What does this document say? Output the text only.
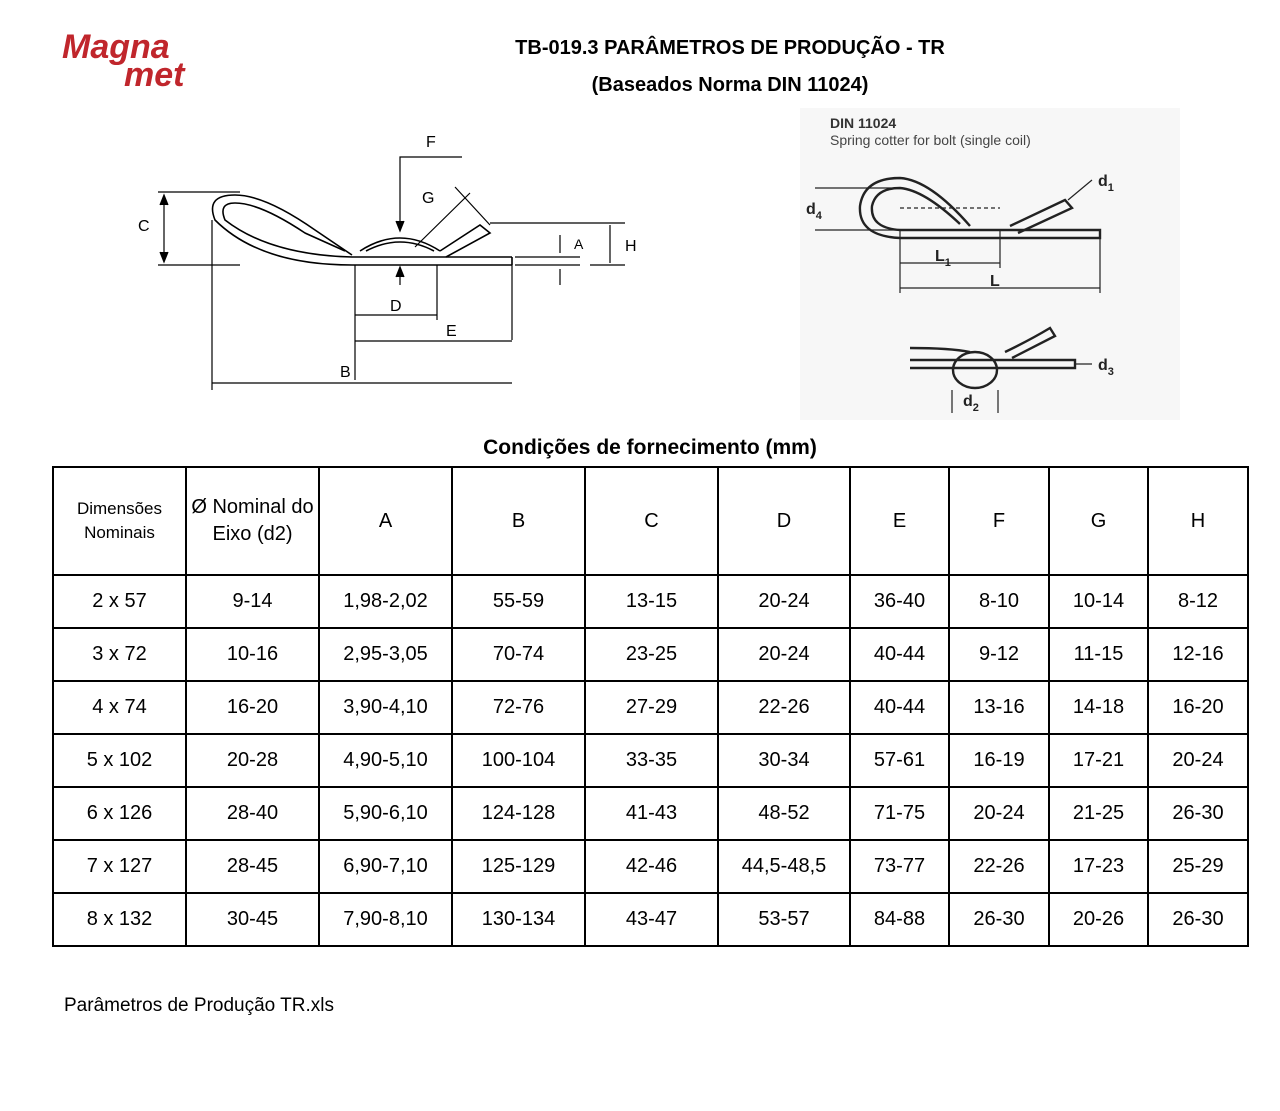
Magna
met
TB-019.3 PARÂMETROS DE PRODUÇÃO - TR
(Baseados Norma DIN 11024)
C
F
G
A	H
D
E
B
DIN 11024
Spring cotter for bolt (single coil)
$d_1$
$d_4$
$L_1$
L
$d_3$
$d_2$
Condições de fornecimento (mm)
Dimensões Nominais	Ø Nominal do Eixo (d2)	A	B	C	D	E	F	G	H
2 x 57	9-14	1,98-2,02	55-59	13-15	20-24	36-40	8-10	10-14	8-12
3 x 72	10-16	2,95-3,05	70-74	23-25	20-24	40-44	9-12	11-15	12-16
4 x 74	16-20	3,90-4,10	72-76	27-29	22-26	40-44	13-16	14-18	16-20
5 x 102	20-28	4,90-5,10	100-104	33-35	30-34	57-61	16-19	17-21	20-24
6 x 126	28-40	5,90-6,10	124-128	41-43	48-52	71-75	20-24	21-25	26-30
7 x 127	28-45	6,90-7,10	125-129	42-46	44,5-48,5	73-77	22-26	17-23	25-29
8 x 132	30-45	7,90-8,10	130-134	43-47	53-57	84-88	26-30	20-26	26-30
Parâmetros de Produção TR.xls
